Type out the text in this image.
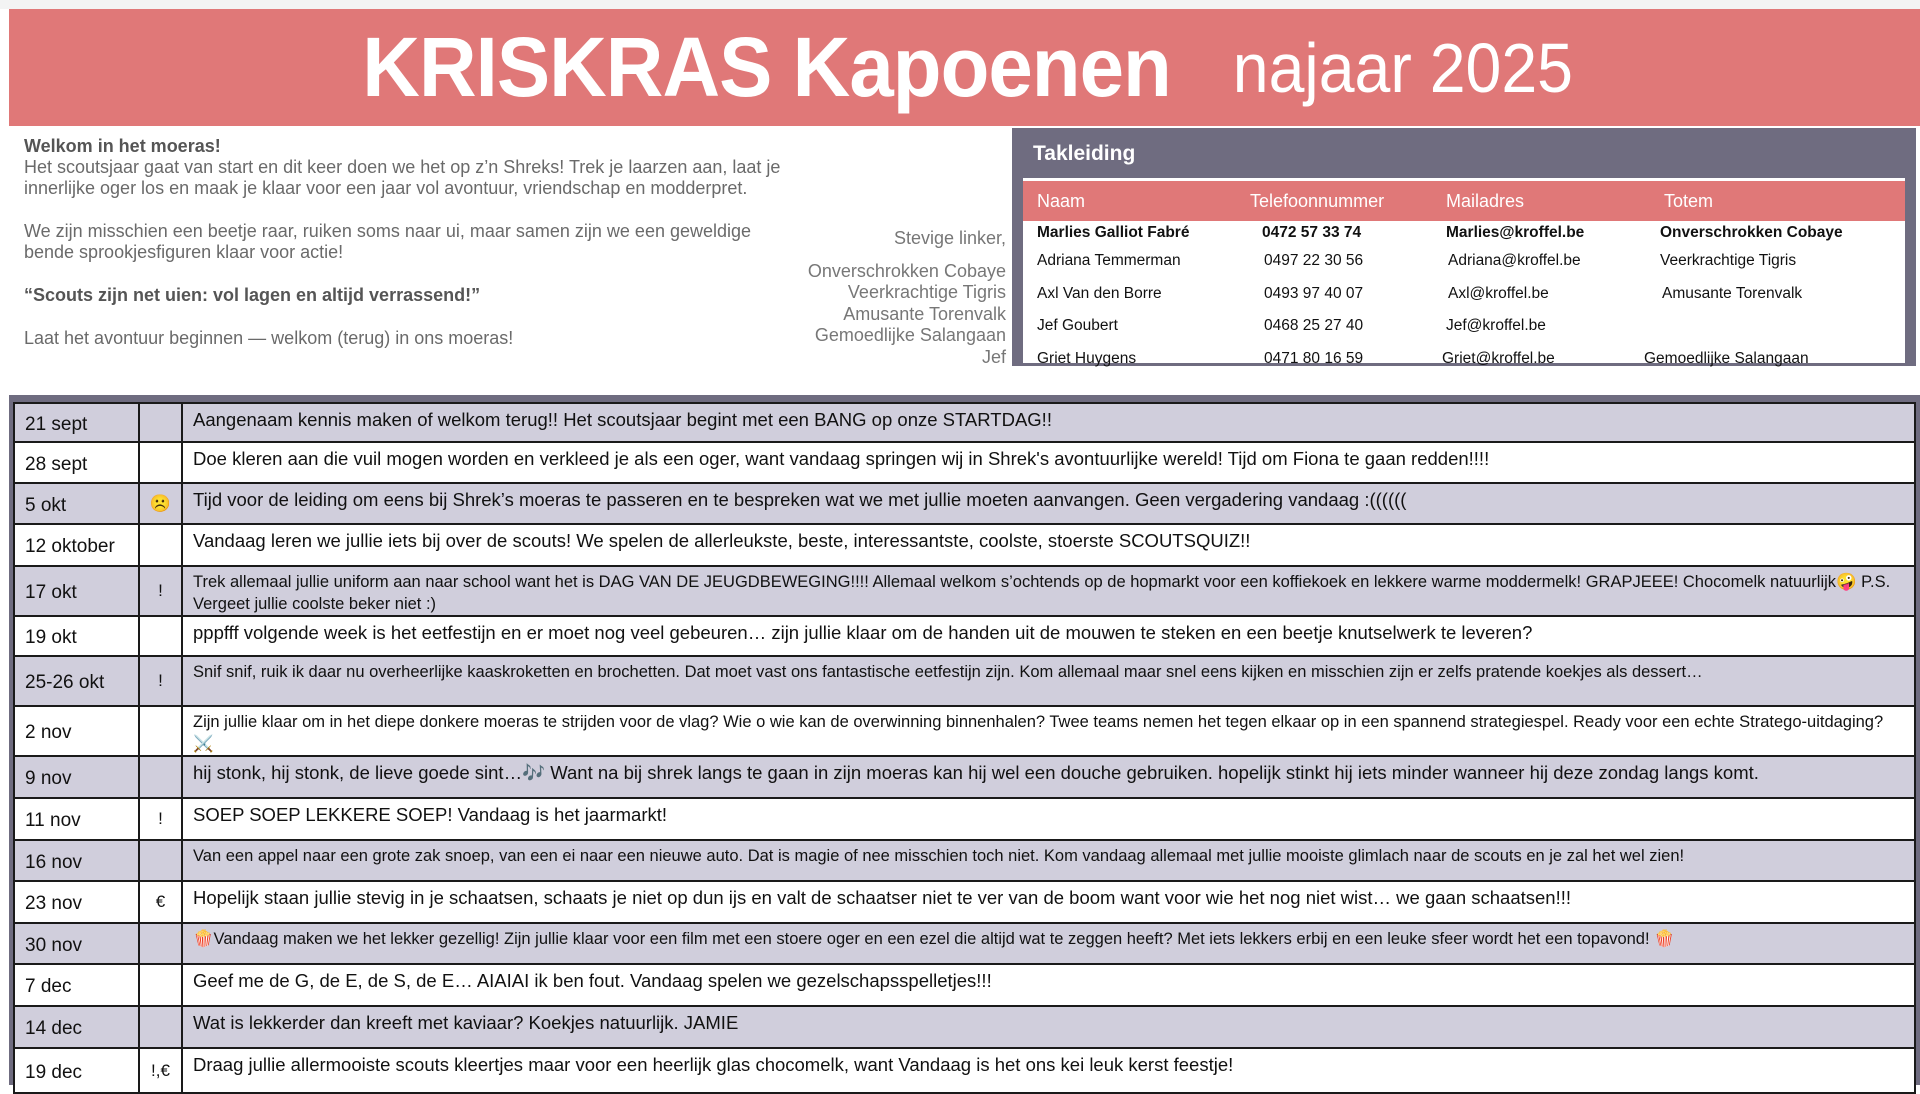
KRISKRAS Kapoenen najaar 2025

Welkom in het moeras!

Het scoutsjaar gaat van start en dit keer doen we het op z’n Shreks! Trek je laarzen aan, laat je innerlijke oger los en maak je klaar voor een jaar vol avontuur, vriendschap en modderpret.

We zijn misschien een beetje raar, ruiken soms naar ui, maar samen zijn we een geweldige bende sprookjesfiguren klaar voor actie!

“Scouts zijn net uien: vol lagen en altijd verrassend!”

Laat het avontuur beginnen — welkom (terug) in ons moeras!

Stevige linker,
Onverschrokken Cobaye
Veerkrachtige Tigris
Amusante Torenvalk
Gemoedlijke Salangaan
Jef
Takleiding
Naam	Telefoonnummer	Mailadres	Totem
Marlies Galliot Fabré	0472 57 33 74	Marlies@kroffel.be	Onverschrokken Cobaye
Adriana Temmerman	0497 22 30 56	Adriana@kroffel.be	Veerkrachtige Tigris
Axl Van den Borre	0493 97 40 07	Axl@kroffel.be	Amusante Torenvalk
Jef Goubert	0468 25 27 40	Jef@kroffel.be
Griet Huygens	0471 80 16 59	Griet@kroffel.be	Gemoedlijke Salangaan
21 sept		Aangenaam kennis maken of welkom terug!! Het scoutsjaar begint met een BANG op onze STARTDAG!!

28 sept		Doe kleren aan die vuil mogen worden en verkleed je als een oger, want vandaag springen wij in Shrek's avontuurlijke wereld! Tijd om Fiona te gaan redden!!!!

5 okt	☹️	Tijd voor de leiding om eens bij Shrek’s moeras te passeren en te bespreken wat we met jullie moeten aanvangen. Geen vergadering vandaag :((((((

12 oktober		Vandaag leren we jullie iets bij over de scouts! We spelen de allerleukste, beste, interessantste, coolste, stoerste SCOUTSQUIZ!!

17 okt	!	Trek allemaal jullie uniform aan naar school want het is DAG VAN DE JEUGDBEWEGING!!!! Allemaal welkom s’ochtends op de hopmarkt voor een koffiekoek en lekkere warme moddermelk! GRAPJEEE! Chocomelk natuurlijk🤪 P.S. Vergeet jullie coolste beker niet :)

19 okt		pppfff volgende week is het eetfestijn en er moet nog veel gebeuren… zijn jullie klaar om de handen uit de mouwen te steken en een beetje knutselwerk te leveren?

25-26 okt	!	Snif snif, ruik ik daar nu overheerlijke kaaskroketten en brochetten. Dat moet vast ons fantastische eetfestijn zijn. Kom allemaal maar snel eens kijken en misschien zijn er zelfs pratende koekjes als dessert…

2 nov		Zijn jullie klaar om in het diepe donkere moeras te strijden voor de vlag? Wie o wie kan de overwinning binnenhalen? Twee teams nemen het tegen elkaar op in een spannend strategiespel. Ready voor een echte Stratego-uitdaging? ⚔️

9 nov		hij stonk, hij stonk, de lieve goede sint…🎶 Want na bij shrek langs te gaan in zijn moeras kan hij wel een douche gebruiken. hopelijk stinkt hij iets minder wanneer hij deze zondag langs komt.

11 nov	!	SOEP SOEP LEKKERE SOEP! Vandaag is het jaarmarkt!

16 nov		Van een appel naar een grote zak snoep, van een ei naar een nieuwe auto. Dat is magie of nee misschien toch niet. Kom vandaag allemaal met jullie mooiste glimlach naar de scouts en je zal het wel zien!

23 nov	€	Hopelijk staan jullie stevig in je schaatsen, schaats je niet op dun ijs en valt de schaatser niet te ver van de boom want voor wie het nog niet wist… we gaan schaatsen!!!

30 nov		🍿Vandaag maken we het lekker gezellig! Zijn jullie klaar voor een film met een stoere oger en een ezel die altijd wat te zeggen heeft? Met iets lekkers erbij en een leuke sfeer wordt het een topavond! 🍿

7 dec		Geef me de G, de E, de S, de E… AIAIAI ik ben fout. Vandaag spelen we gezelschapsspelletjes!!!

14 dec		Wat is lekkerder dan kreeft met kaviaar? Koekjes natuurlijk. JAMIE

19 dec	!,€	Draag jullie allermooiste scouts kleertjes maar voor een heerlijk glas chocomelk, want Vandaag is het ons kei leuk kerst feestje!
